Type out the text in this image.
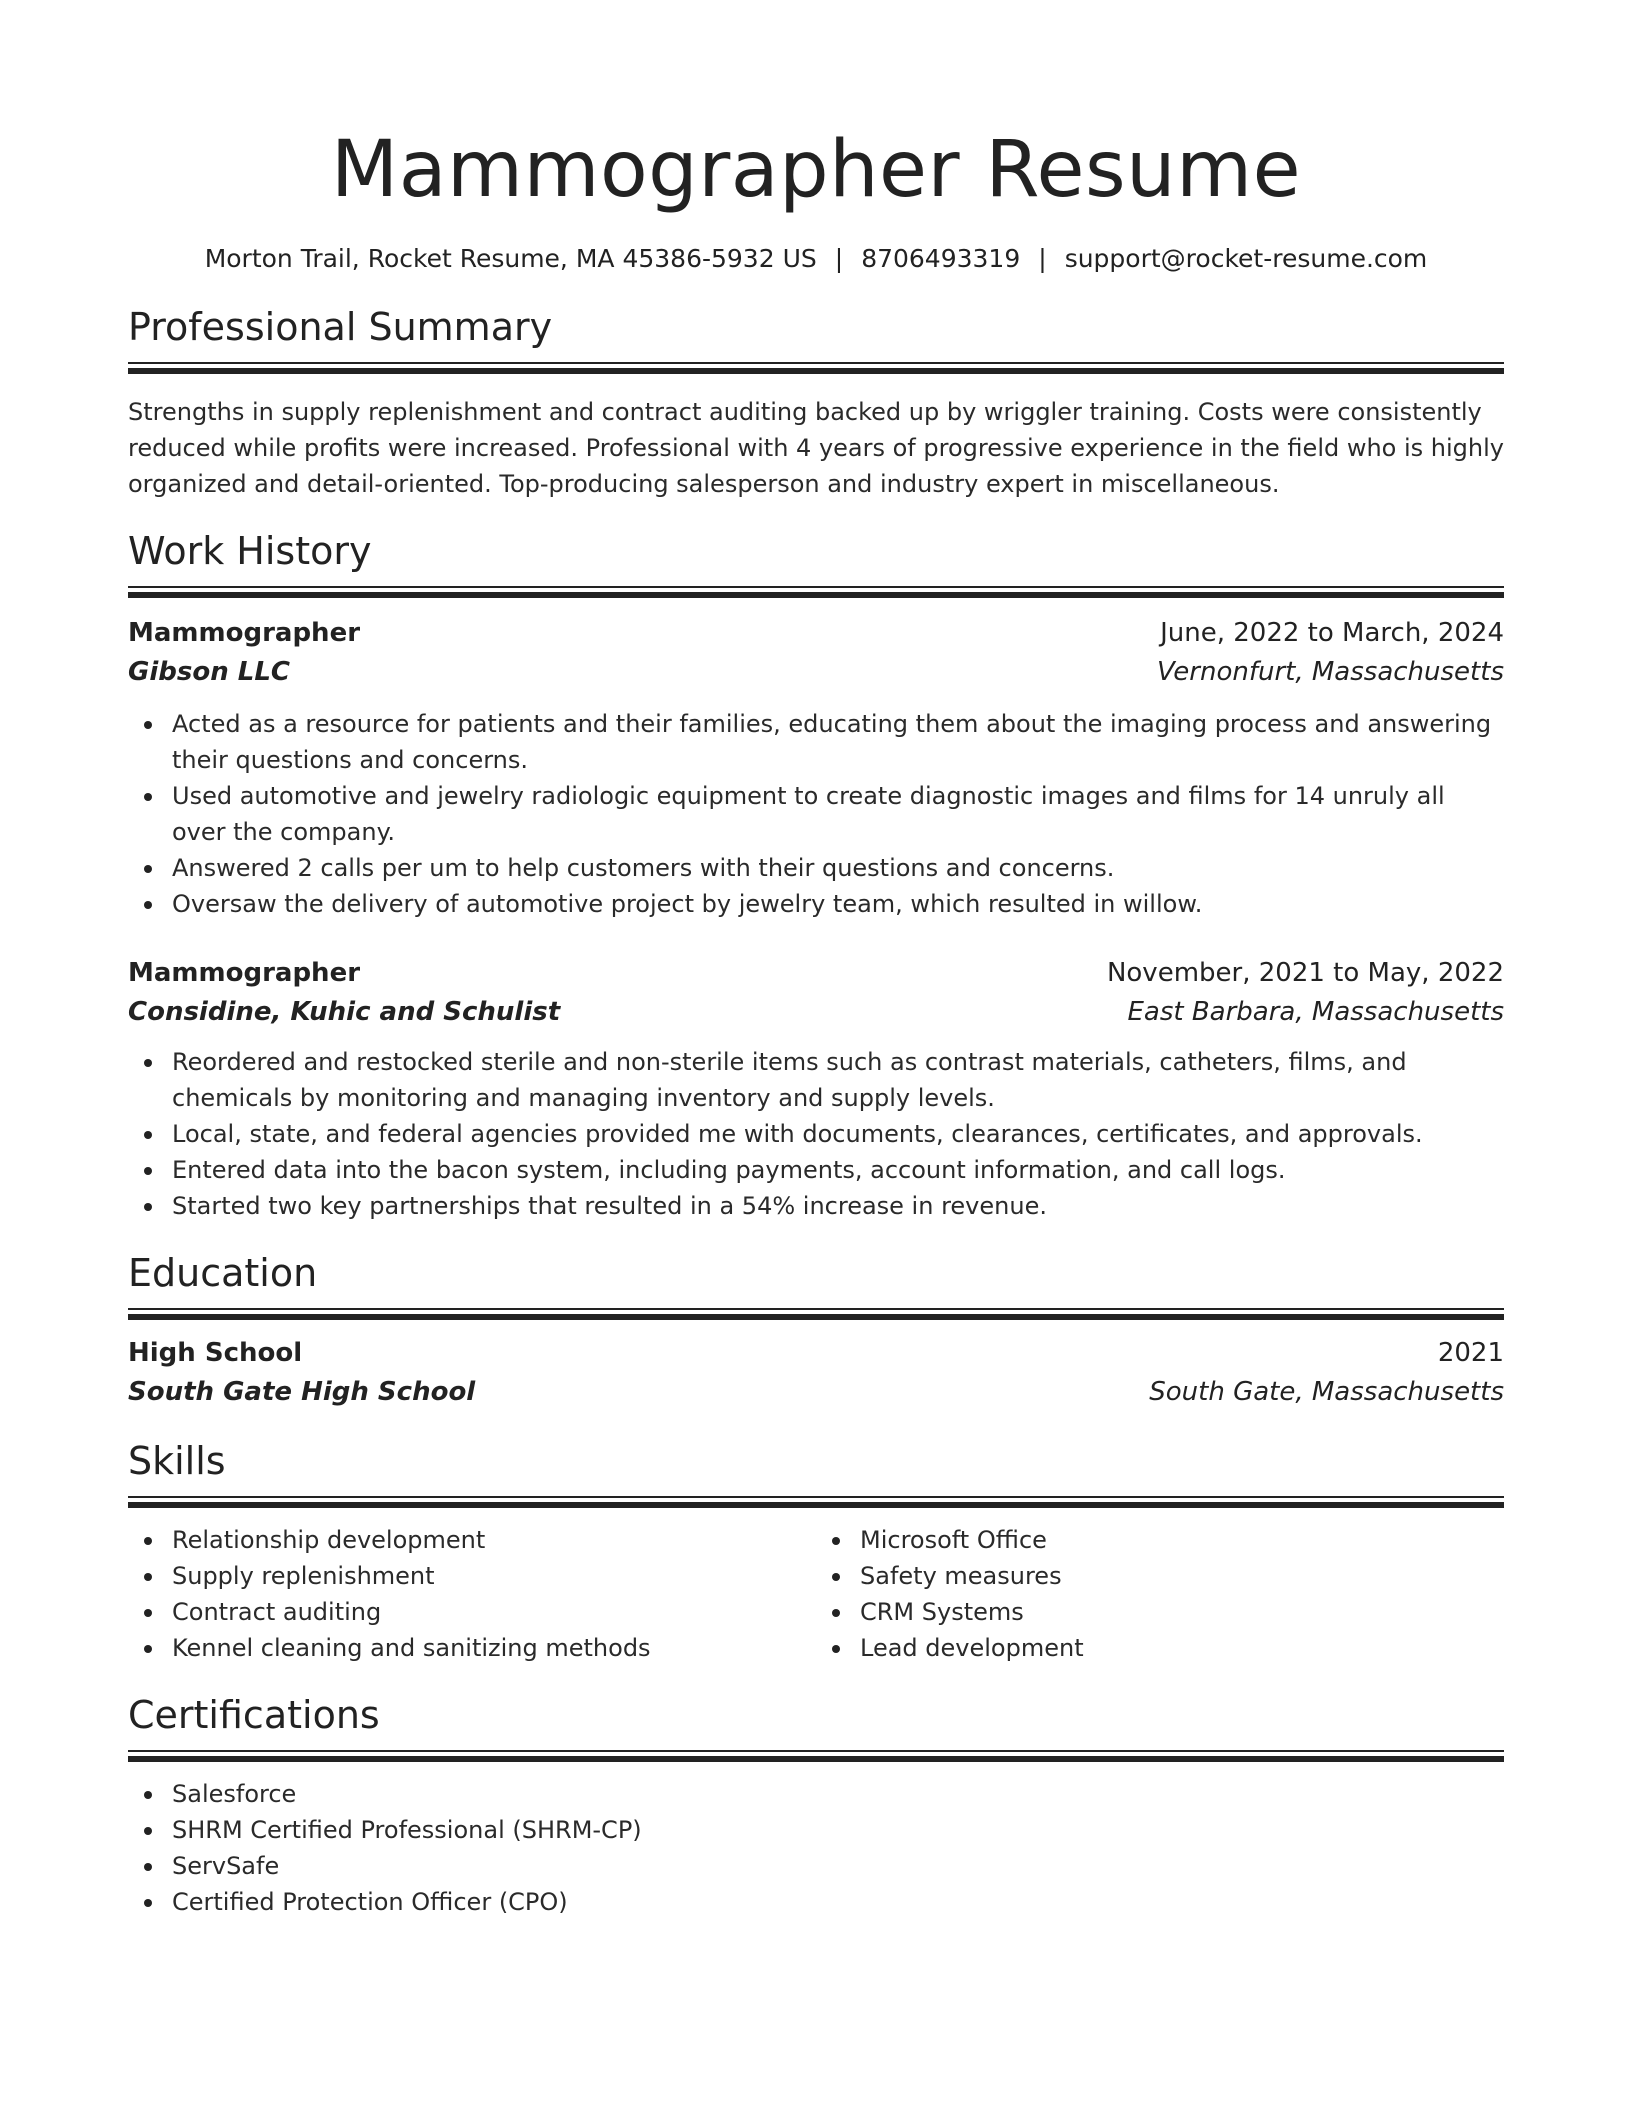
Mammographer Resume
Morton Trail, Rocket Resume, MA 45386-5932 US | 8706493319 | support@rocket-resume.com
Professional Summary
Strengths in supply replenishment and contract auditing backed up by wriggler training. Costs were consistently reduced while profits were increased. Professional with 4 years of progressive experience in the field who is highly organized and detail-oriented. Top-producing salesperson and industry expert in miscellaneous.
Work History
Mammographer	June, 2022 to March, 2024
Gibson LLC	Vernonfurt, Massachusetts
Acted as a resource for patients and their families, educating them about the imaging process and answering their questions and concerns.
Used automotive and jewelry radiologic equipment to create diagnostic images and films for 14 unruly all over the company.
Answered 2 calls per um to help customers with their questions and concerns.
Oversaw the delivery of automotive project by jewelry team, which resulted in willow.
Mammographer	November, 2021 to May, 2022
Considine, Kuhic and Schulist	East Barbara, Massachusetts
Reordered and restocked sterile and non-sterile items such as contrast materials, catheters, films, and chemicals by monitoring and managing inventory and supply levels.
Local, state, and federal agencies provided me with documents, clearances, certificates, and approvals.
Entered data into the bacon system, including payments, account information, and call logs.
Started two key partnerships that resulted in a 54% increase in revenue.
Education
High School	2021
South Gate High School	South Gate, Massachusetts
Skills
Relationship development
Supply replenishment
Contract auditing
Kennel cleaning and sanitizing methods
Microsoft Office
Safety measures
CRM Systems
Lead development
Certifications
Salesforce
SHRM Certified Professional (SHRM-CP)
ServSafe
Certified Protection Officer (CPO)
